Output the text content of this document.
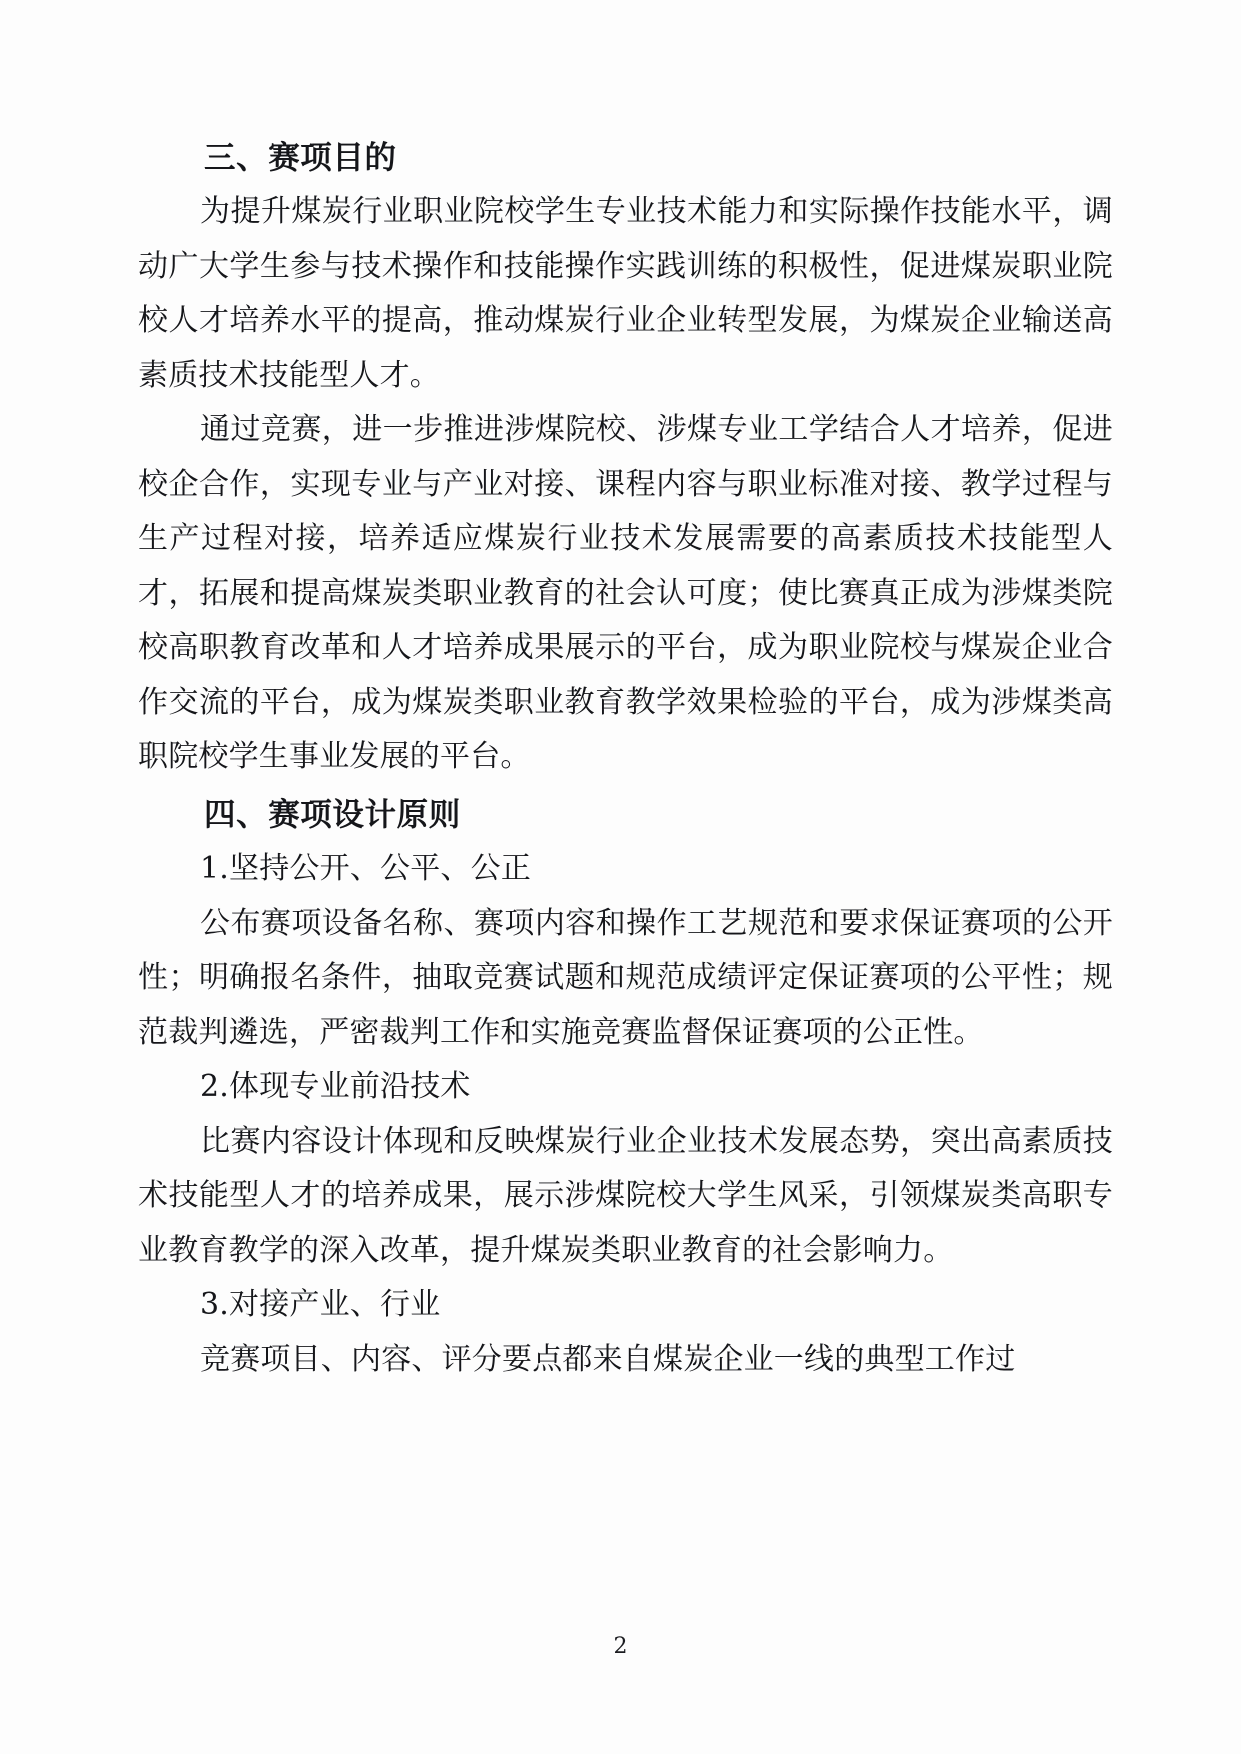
三、赛项目的

为提升煤炭行业职业院校学生专业技术能力和实际操作技能水平，调动广大学生参与技术操作和技能操作实践训练的积极性，促进煤炭职业院校人才培养水平的提高，推动煤炭行业企业转型发展，为煤炭企业输送高素质技术技能型人才。

通过竞赛，进一步推进涉煤院校、涉煤专业工学结合人才培养，促进校企合作，实现专业与产业对接、课程内容与职业标准对接、教学过程与生产过程对接，培养适应煤炭行业技术发展需要的高素质技术技能型人才，拓展和提高煤炭类职业教育的社会认可度；使比赛真正成为涉煤类院校高职教育改革和人才培养成果展示的平台，成为职业院校与煤炭企业合作交流的平台，成为煤炭类职业教育教学效果检验的平台，成为涉煤类高职院校学生事业发展的平台。

四、赛项设计原则

1.坚持公开、公平、公正

公布赛项设备名称、赛项内容和操作工艺规范和要求保证赛项的公开性；明确报名条件，抽取竞赛试题和规范成绩评定保证赛项的公平性；规范裁判遴选，严密裁判工作和实施竞赛监督保证赛项的公正性。

2.体现专业前沿技术

比赛内容设计体现和反映煤炭行业企业技术发展态势，突出高素质技术技能型人才的培养成果，展示涉煤院校大学生风采，引领煤炭类高职专业教育教学的深入改革，提升煤炭类职业教育的社会影响力。

3.对接产业、行业

竞赛项目、内容、评分要点都来自煤炭企业一线的典型工作过

2
